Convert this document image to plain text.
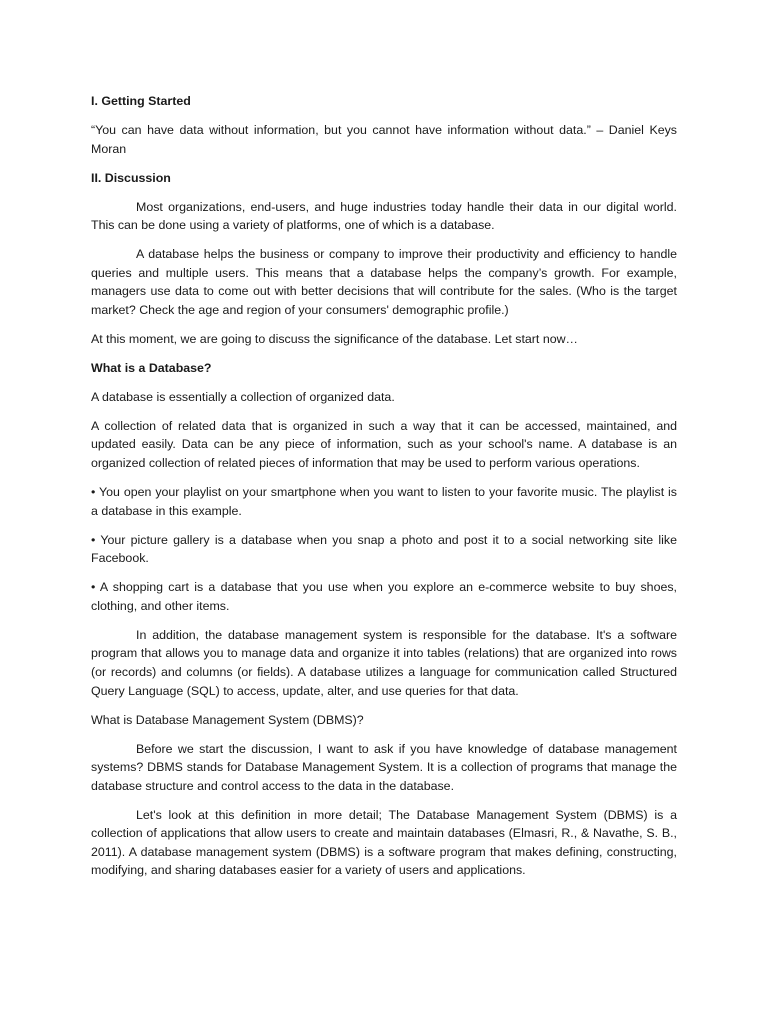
I. Getting Started

“You can have data without information, but you cannot have information without data.” – Daniel Keys Moran

II. Discussion

Most organizations, end-users, and huge industries today handle their data in our digital world. This can be done using a variety of platforms, one of which is a database.

A database helps the business or company to improve their productivity and efficiency to handle queries and multiple users. This means that a database helps the company’s growth. For example, managers use data to come out with better decisions that will contribute for the sales. (Who is the target market? Check the age and region of your consumers' demographic profile.)

At this moment, we are going to discuss the significance of the database. Let start now…

What is a Database?

A database is essentially a collection of organized data.

A collection of related data that is organized in such a way that it can be accessed, maintained, and updated easily. Data can be any piece of information, such as your school's name. A database is an organized collection of related pieces of information that may be used to perform various operations.

• You open your playlist on your smartphone when you want to listen to your favorite music. The playlist is a database in this example.

• Your picture gallery is a database when you snap a photo and post it to a social networking site like Facebook.

• A shopping cart is a database that you use when you explore an e-commerce website to buy shoes, clothing, and other items.

In addition, the database management system is responsible for the database. It's a software program that allows you to manage data and organize it into tables (relations) that are organized into rows (or records) and columns (or fields). A database utilizes a language for communication called Structured Query Language (SQL) to access, update, alter, and use queries for that data.

What is Database Management System (DBMS)?

Before we start the discussion, I want to ask if you have knowledge of database management systems? DBMS stands for Database Management System. It is a collection of programs that manage the database structure and control access to the data in the database.

Let's look at this definition in more detail; The Database Management System (DBMS) is a collection of applications that allow users to create and maintain databases (Elmasri, R., & Navathe, S. B., 2011). A database management system (DBMS) is a software program that makes defining, constructing, modifying, and sharing databases easier for a variety of users and applications.
